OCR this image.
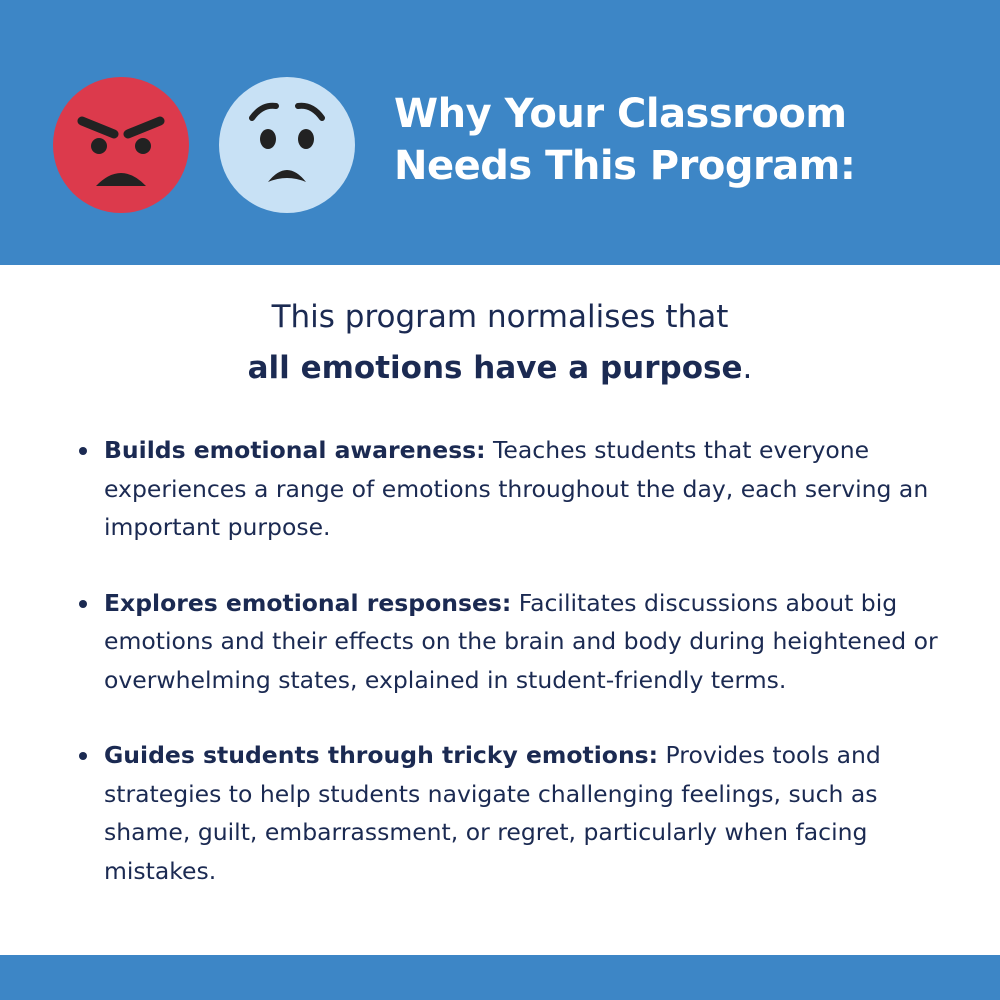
Why Your Classroom
Needs This Program:
This program normalises that
all emotions have a purpose.
Builds emotional awareness: Teaches students that everyone experiences a range of emotions throughout the day, each serving an important purpose.
Explores emotional responses: Facilitates discussions about big emotions and their effects on the brain and body during heightened or overwhelming states, explained in student-friendly terms.
Guides students through tricky emotions: Provides tools and strategies to help students navigate challenging feelings, such as shame, guilt, embarrassment, or regret, particularly when facing mistakes.
